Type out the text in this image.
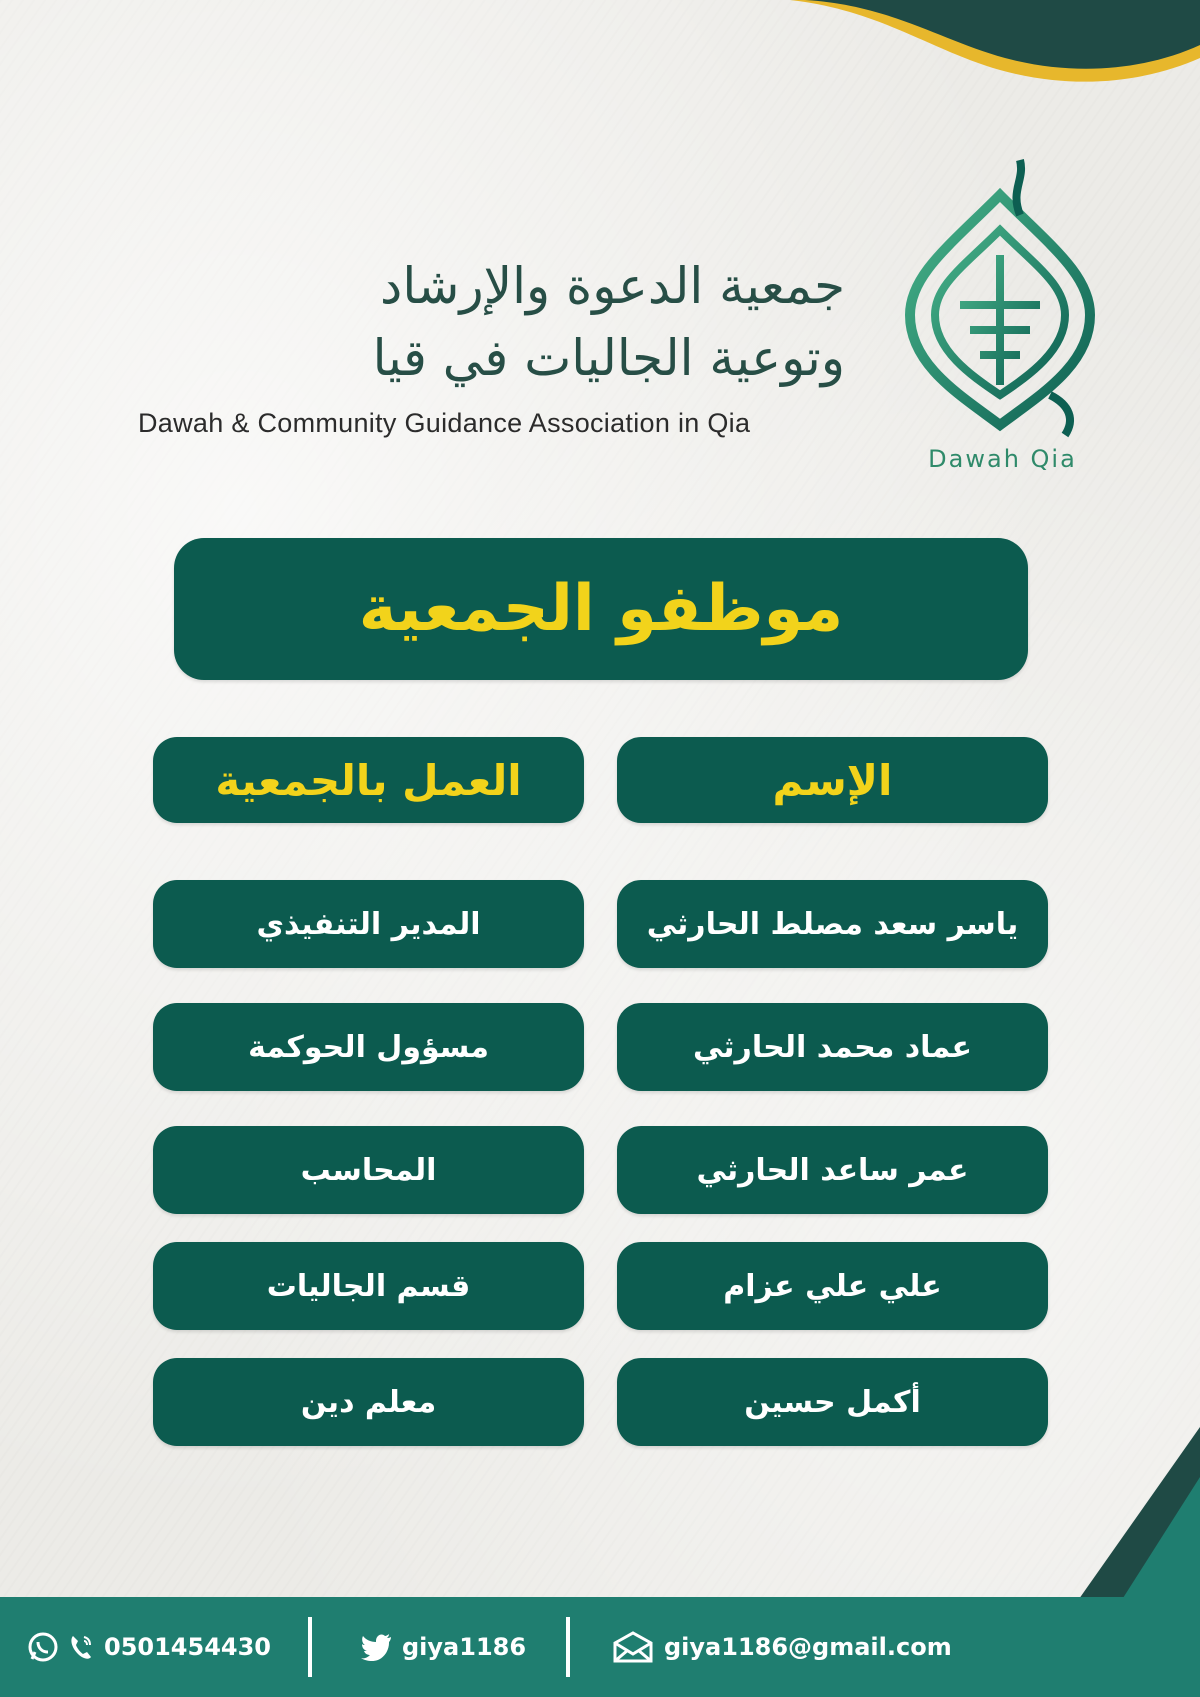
جمعية الدعوة والإرشاد
وتوعية الجاليات في قيا
Dawah & Community Guidance Association in Qia
Dawah Qia
موظفو الجمعية
الإسم
العمل بالجمعية
ياسر سعد مصلط الحارثي
المدير التنفيذي
عماد محمد الحارثي
مسؤول الحوكمة
عمر ساعد الحارثي
المحاسب
علي علي عزام
قسم الجاليات
أكمل حسين
معلم دين
0501454430	giya1186	giya1186@gmail.com
